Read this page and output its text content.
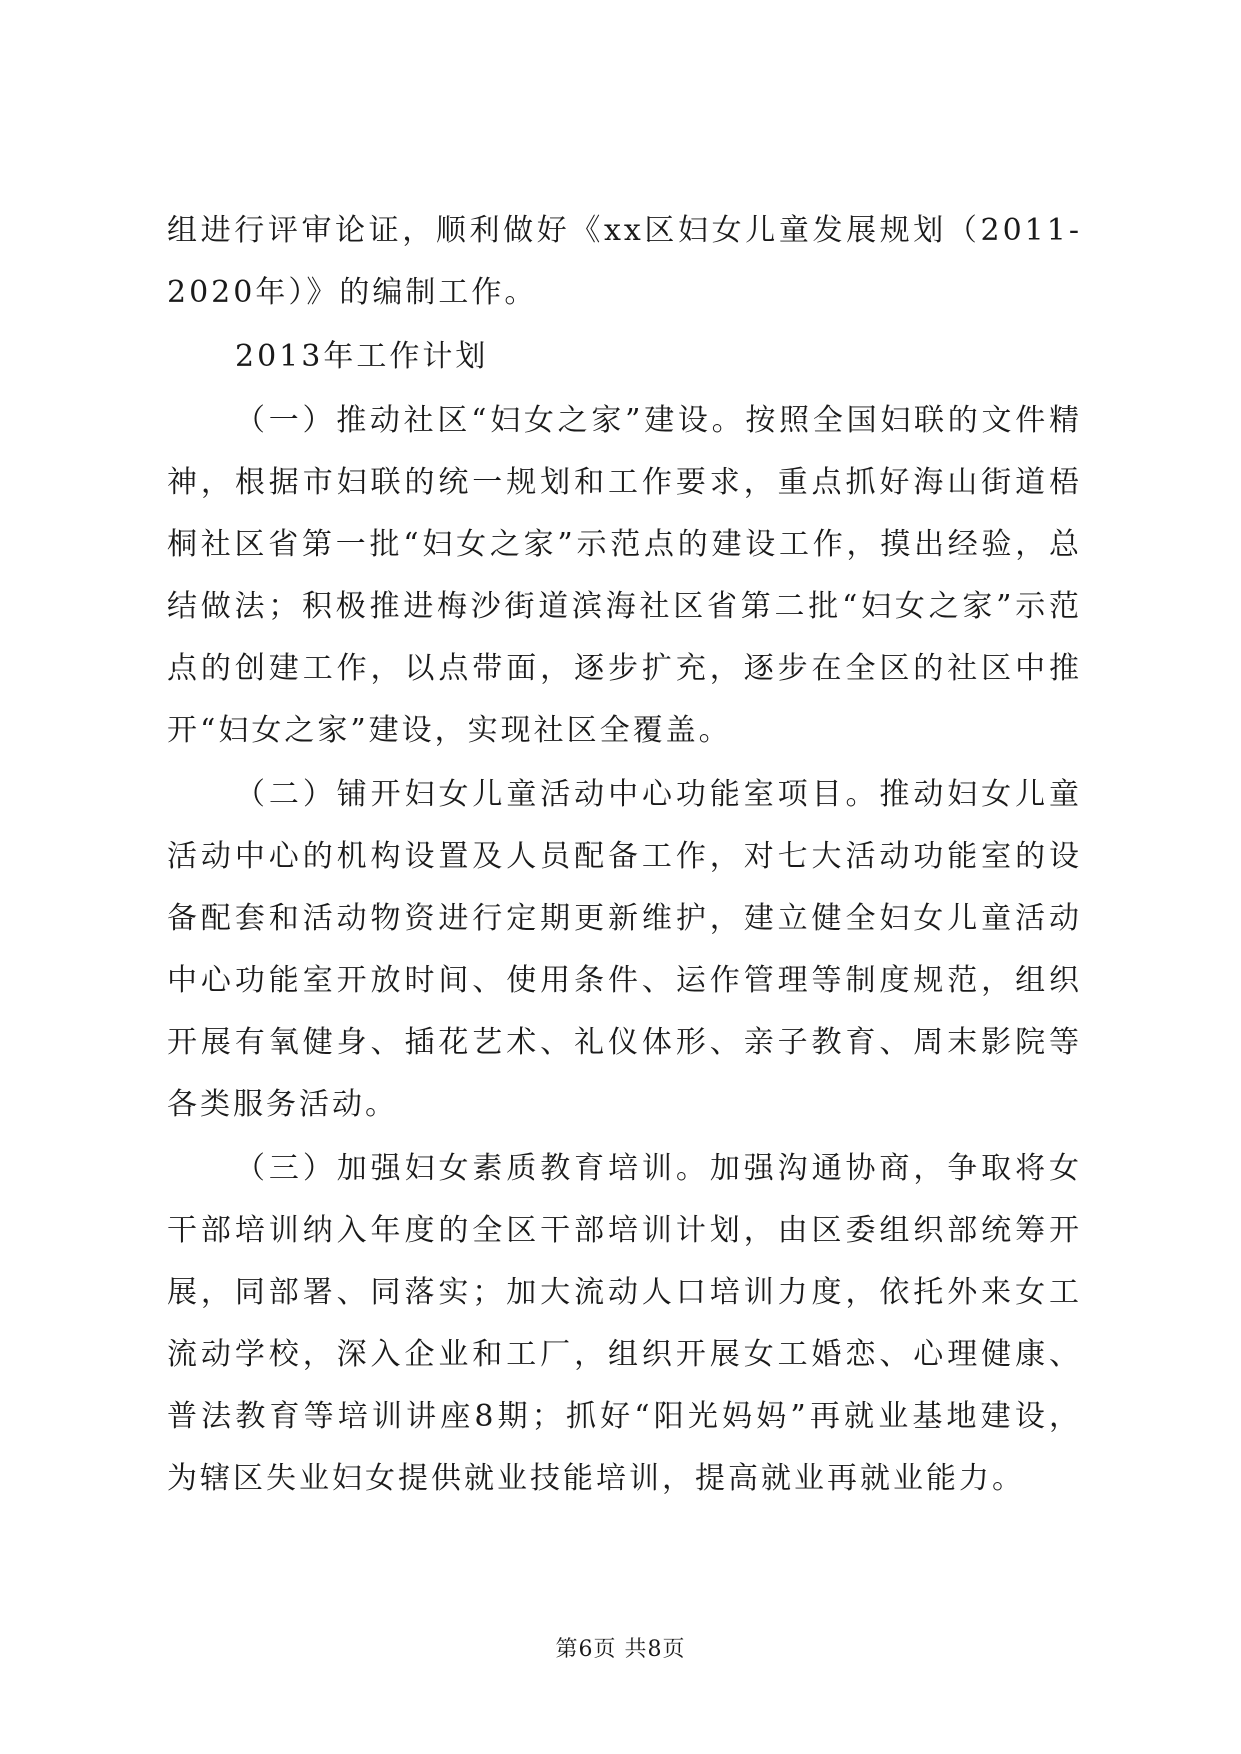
组进行评审论证，顺利做好《xx区妇女儿童发展规划（2011-2020年）》的编制工作。

2013年工作计划

（一）推动社区“妇女之家”建设。按照全国妇联的文件精神，根据市妇联的统一规划和工作要求，重点抓好海山街道梧桐社区省第一批“妇女之家”示范点的建设工作，摸出经验，总结做法；积极推进梅沙街道滨海社区省第二批“妇女之家”示范点的创建工作，以点带面，逐步扩充，逐步在全区的社区中推开“妇女之家”建设，实现社区全覆盖。

（二）铺开妇女儿童活动中心功能室项目。推动妇女儿童活动中心的机构设置及人员配备工作，对七大活动功能室的设备配套和活动物资进行定期更新维护，建立健全妇女儿童活动中心功能室开放时间、使用条件、运作管理等制度规范，组织开展有氧健身、插花艺术、礼仪体形、亲子教育、周末影院等各类服务活动。

（三）加强妇女素质教育培训。加强沟通协商，争取将女干部培训纳入年度的全区干部培训计划，由区委组织部统筹开展，同部署、同落实；加大流动人口培训力度，依托外来女工流动学校，深入企业和工厂，组织开展女工婚恋、心理健康、普法教育等培训讲座8期；抓好“阳光妈妈”再就业基地建设，为辖区失业妇女提供就业技能培训，提高就业再就业能力。

第6页 共8页
